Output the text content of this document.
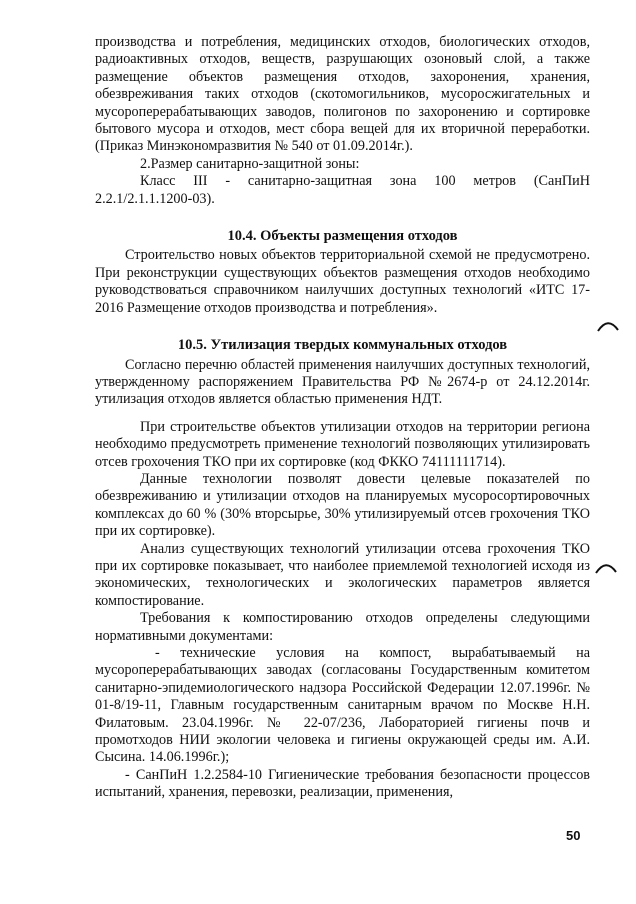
производства и потребления, медицинских отходов, биологических отходов, радиоактивных отходов, веществ, разрушающих озоновый слой, а также размещение объектов размещения отходов, захоронения, хранения, обезвреживания таких отходов (скотомогильников, мусоросжигательных и мусороперерабатывающих заводов, полигонов по захоронению и сортировке бытового мусора и отходов, мест сбора вещей для их вторичной переработки. (Приказ Минэкономразвития № 540 от 01.09.2014г.).

2.Размер санитарно-защитной зоны:

Класс III - санитарно-защитная зона 100 метров (СанПиН 2.2.1/2.1.1.1200-03).

10.4. Объекты размещения отходов

Строительство новых объектов территориальной схемой не предусмотрено. При реконструкции существующих объектов размещения отходов необходимо руководствоваться справочником наилучших доступных технологий «ИТС 17-2016 Размещение отходов производства и потребления».

10.5. Утилизация твердых коммунальных отходов

Согласно перечню областей применения наилучших доступных технологий, утвержденному распоряжением Правительства РФ №2674-р от 24.12.2014г. утилизация отходов является областью применения НДТ.

При строительстве объектов утилизации отходов на территории региона необходимо предусмотреть применение технологий позволяющих утилизировать отсев грохочения ТКО при их сортировке (код ФККО 74111111714).

Данные технологии позволят довести целевые показателей по обезвреживанию и утилизации отходов на планируемых мусоросортировочных комплексах до 60 % (30% вторсырье, 30% утилизируемый отсев грохочения ТКО при их сортировке).

Анализ существующих технологий утилизации отсева грохочения ТКО при их сортировке показывает, что наиболее приемлемой технологией исходя из экономических, технологических и экологических параметров является компостирование.

Требования к компостированию отходов определены следующими нормативными документами:

- технические условия на компост, вырабатываемый на мусороперерабатывающих заводах (согласованы Государственным комитетом санитарно-эпидемиологического надзора Российской Федерации 12.07.1996г. № 01-8/19-11, Главным государственным санитарным врачом по Москве Н.Н. Филатовым. 23.04.1996г. № 22-07/236, Лабораторией гигиены почв и промотходов НИИ экологии человека и гигиены окружающей среды им. А.И. Сысина. 14.06.1996г.);

- СанПиН 1.2.2584-10 Гигиенические требования безопасности процессов испытаний, хранения, перевозки, реализации, применения,

50
